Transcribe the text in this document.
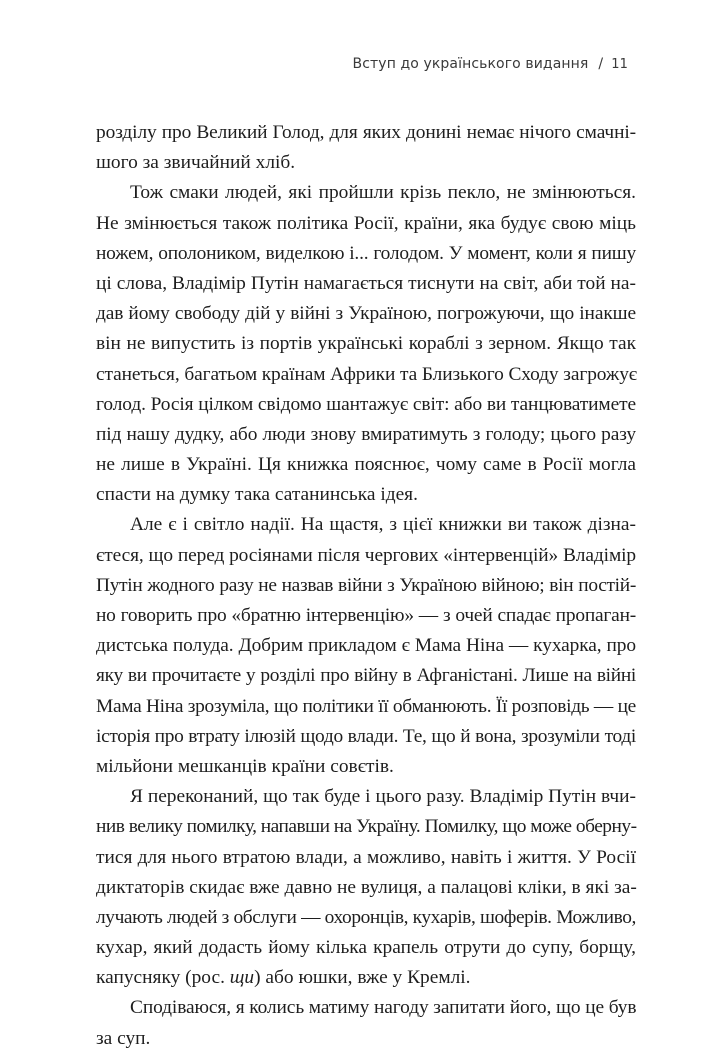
Вступ до українського видання / 11
розділу про Великий Голод, для яких донині немає нічого смачні-
шого за звичайний хліб.
Тож смаки людей, які пройшли крізь пекло, не змінюються.
Не змінюється також політика Росії, країни, яка будує свою міць
ножем, ополоником, виделкою і... голодом. У момент, коли я пишу
ці слова, Владімір Путін намагається тиснути на світ, аби той на-
дав йому свободу дій у війні з Україною, погрожуючи, що інакше
він не випустить із портів українські кораблі з зерном. Якщо так
станеться, багатьом країнам Африки та Близького Сходу загрожує
голод. Росія цілком свідомо шантажує світ: або ви танцюватимете
під нашу дудку, або люди знову вмиратимуть з голоду; цього разу
не лише в Україні. Ця книжка пояснює, чому саме в Росії могла
спасти на думку така сатанинська ідея.
Але є і світло надії. На щастя, з цієї книжки ви також дізна-
єтеся, що перед росіянами після чергових «інтервенцій» Владімір
Путін жодного разу не назвав війни з Україною війною; він постій-
но говорить про «братню інтервенцію» — з очей спадає пропаган-
дистська полуда. Добрим прикладом є Мама Ніна — кухарка, про
яку ви прочитаєте у розділі про війну в Афганістані. Лише на війні
Мама Ніна зрозуміла, що політики її обманюють. Її розповідь — це
історія про втрату ілюзій щодо влади. Те, що й вона, зрозуміли тоді
мільйони мешканців країни совєтів.
Я переконаний, що так буде і цього разу. Владімір Путін вчи-
нив велику помилку, напавши на Україну. Помилку, що може оберну-
тися для нього втратою влади, а можливо, навіть і життя. У Росії
диктаторів скидає вже давно не вулиця, а палацові кліки, в які за-
лучають людей з обслуги — охоронців, кухарів, шоферів. Можливо,
кухар, який додасть йому кілька крапель отрути до супу, борщу,
капусняку (рос. щи) або юшки, вже у Кремлі.
Сподіваюся, я колись матиму нагоду запитати його, що це був
за суп.
